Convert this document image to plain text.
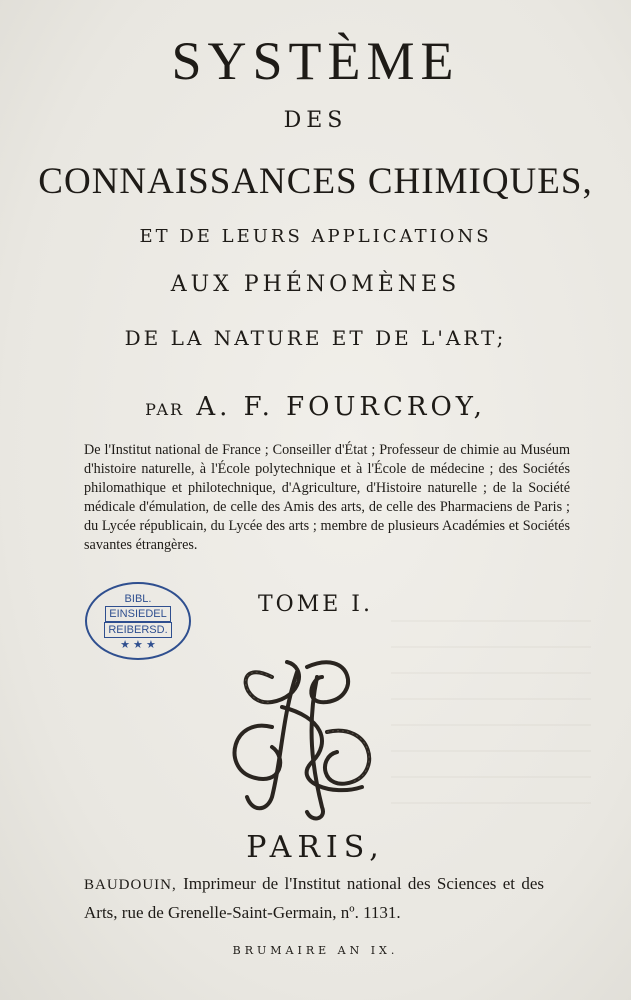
SYSTÈME
DES
CONNAISSANCES CHIMIQUES,
ET DE LEURS APPLICATIONS
AUX PHÉNOMÈNES
DE LA NATURE ET DE L'ART;
PAR A. F. FOURCROY,
De l'Institut national de France ; Conseiller d'État ; Professeur de chimie au Muséum d'histoire naturelle, à l'École polytechnique et à l'École de médecine ; des Sociétés philomathique et philotechnique, d'Agriculture, d'Histoire naturelle ; de la Société médicale d'émulation, de celle des Amis des arts, de celle des Pharmaciens de Paris ; du Lycée républicain, du Lycée des arts ; membre de plusieurs Académies et Sociétés savantes étrangères.
BIBL.
EINSIEDEL
REIBERSD.
★ ★ ★
TOME I.
PARIS,
BAUDOUIN, Imprimeur de l'Institut national des Sciences et des Arts, rue de Grenelle-Saint-Germain, nº. 1131.
BRUMAIRE AN IX.
